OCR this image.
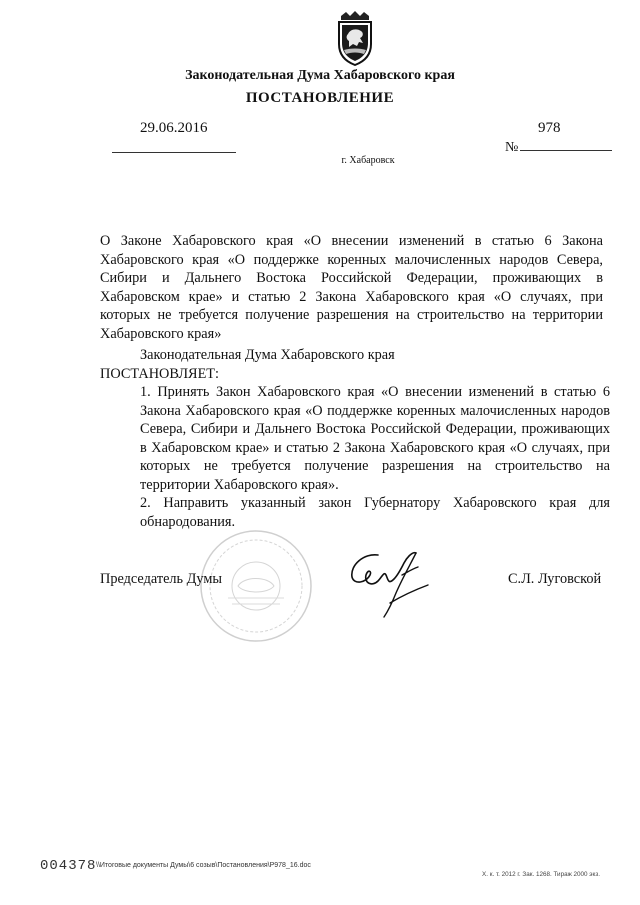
Законодательная Дума Хабаровского края
ПОСТАНОВЛЕНИЕ
29.06.2016	978
№
г. Хабаровск
О Законе Хабаровского края «О внесении изменений в статью 6 Закона Хабаровского края «О поддержке коренных малочисленных народов Севера, Сибири и Дальнего Востока Российской Федерации, проживающих в Хабаровском крае» и статью 2 Закона Хабаровского края «О случаях, при которых не требуется получение разрешения на строительство на территории Хабаровского края»

Законодательная Дума Хабаровского края

ПОСТАНОВЛЯЕТ:

1. Принять Закон Хабаровского края «О внесении изменений в статью 6 Закона Хабаровского края «О поддержке коренных малочисленных народов Севера, Сибири и Дальнего Востока Российской Федерации, проживающих в Хабаровском крае» и статью 2 Закона Хабаровского края «О случаях, при которых не требуется получение разрешения на строительство на территории Хабаровского края».

2. Направить указанный закон Губернатору Хабаровского края для обнародования.

Председатель Думы	С.Л. Луговской
004378 \\Итоговые документы Думы\6 созыв\Постановления\P978_16.doc
Х. к. т. 2012 г. Зак. 1268. Тираж 2000 экз.
